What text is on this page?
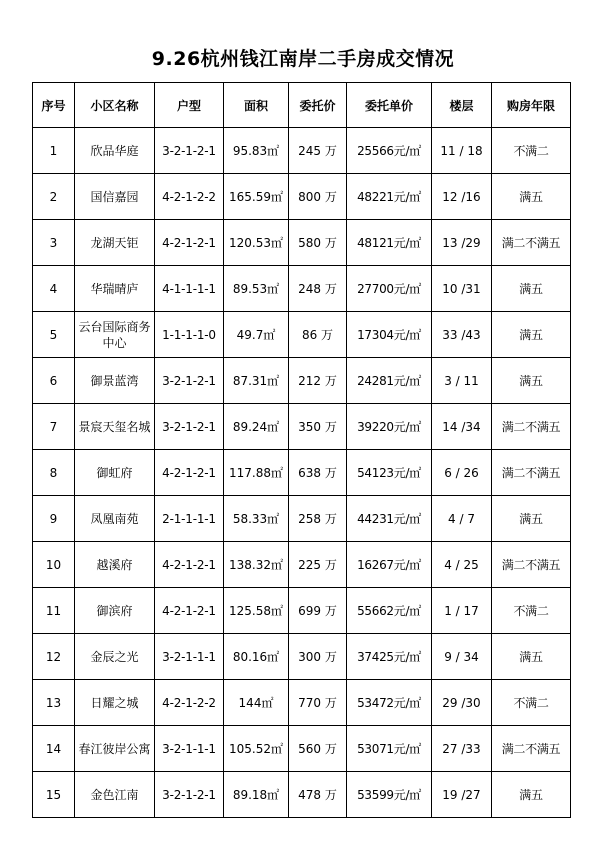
9.26杭州钱江南岸二手房成交情况
序号	小区名称	户型	面积	委托价	委托单价	楼层	购房年限
1	欣品华庭	3-2-1-2-1	95.83㎡	245 万	25566元/㎡	11 / 18	不满二
2	国信嘉园	4-2-1-2-2	165.59㎡	800 万	48221元/㎡	12 /16	满五
3	龙湖天钜	4-2-1-2-1	120.53㎡	580 万	48121元/㎡	13 /29	满二不满五
4	华瑞晴庐	4-1-1-1-1	89.53㎡	248 万	27700元/㎡	10 /31	满五
5	云台国际商务中心	1-1-1-1-0	49.7㎡	86 万	17304元/㎡	33 /43	满五
6	御景蓝湾	3-2-1-2-1	87.31㎡	212 万	24281元/㎡	3 / 11	满五
7	景宸天玺名城	3-2-1-2-1	89.24㎡	350 万	39220元/㎡	14 /34	满二不满五
8	御虹府	4-2-1-2-1	117.88㎡	638 万	54123元/㎡	6 / 26	满二不满五
9	凤凰南苑	2-1-1-1-1	58.33㎡	258 万	44231元/㎡	4 / 7	满五
10	越溪府	4-2-1-2-1	138.32㎡	225 万	16267元/㎡	4 / 25	满二不满五
11	御滨府	4-2-1-2-1	125.58㎡	699 万	55662元/㎡	1 / 17	不满二
12	金辰之光	3-2-1-1-1	80.16㎡	300 万	37425元/㎡	9 / 34	满五
13	日耀之城	4-2-1-2-2	144㎡	770 万	53472元/㎡	29 /30	不满二
14	春江彼岸公寓	3-2-1-1-1	105.52㎡	560 万	53071元/㎡	27 /33	满二不满五
15	金色江南	3-2-1-2-1	89.18㎡	478 万	53599元/㎡	19 /27	满五
